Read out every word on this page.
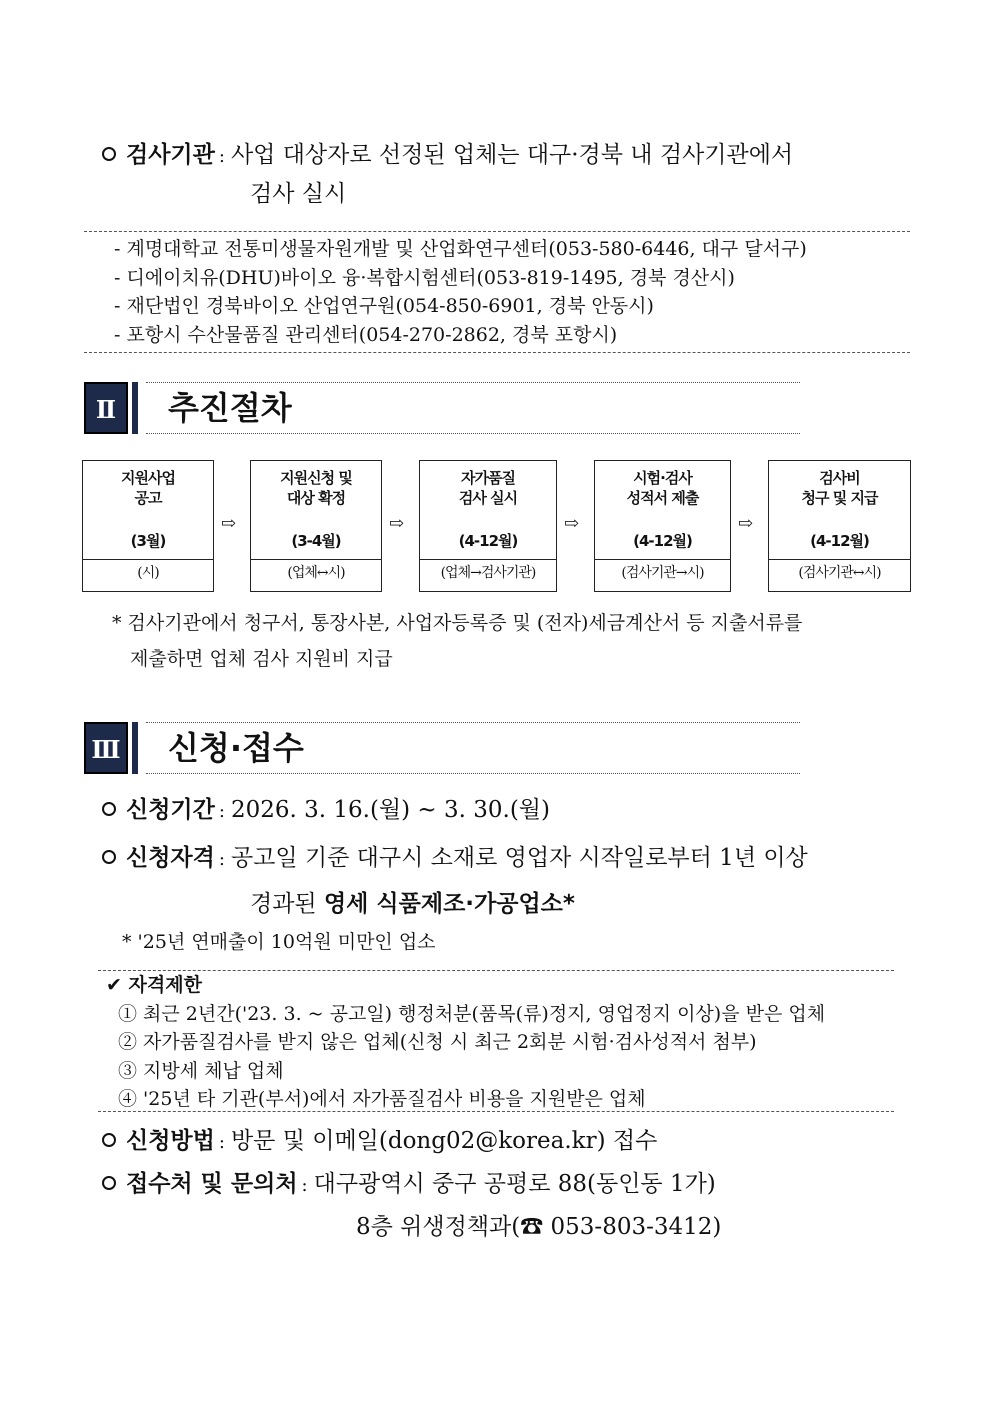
검사기관 : 사업 대상자로 선정된 업체는 대구·경북 내 검사기관에서
검사 실시
- 계명대학교 전통미생물자원개발 및 산업화연구센터(053-580-6446, 대구 달서구)
- 디에이치유(DHU)바이오 융·복합시험센터(053-819-1495, 경북 경산시)
- 재단법인 경북바이오 산업연구원(054-850-6901, 경북 안동시)
- 포항시 수산물품질 관리센터(054-270-2862, 경북 포항시)
Ⅱ	추진절차
지원사업
공고
(3월)
(시)
⇨
지원신청 및
대상 확정
(3-4월)
(업체↔시)
⇨
자가품질
검사 실시
(4-12월)
(업체→검사기관)
⇨
시험·검사
성적서 제출
(4-12월)
(검사기관→시)
⇨
검사비
청구 및 지급
(4-12월)
(검사기관↔시)
* 검사기관에서 청구서, 통장사본, 사업자등록증 및 (전자)세금계산서 등 지출서류를
제출하면 업체 검사 지원비 지급
Ⅲ 신청·접수
신청기간 : 2026. 3. 16.(월) ~ 3. 30.(월)
신청자격 : 공고일 기준 대구시 소재로 영업자 시작일로부터 1년 이상
경과된 영세 식품제조·가공업소*
* '25년 연매출이 10억원 미만인 업소
✔ 자격제한
① 최근 2년간('23. 3. ~ 공고일) 행정처분(품목(류)정지, 영업정지 이상)을 받은 업체
② 자가품질검사를 받지 않은 업체(신청 시 최근 2회분 시험·검사성적서 첨부)
③ 지방세 체납 업체
④ '25년 타 기관(부서)에서 자가품질검사 비용을 지원받은 업체
신청방법 : 방문 및 이메일(dong02@korea.kr) 접수
접수처 및 문의처 : 대구광역시 중구 공평로 88(동인동 1가)
8층 위생정책과(☎ 053-803-3412)
